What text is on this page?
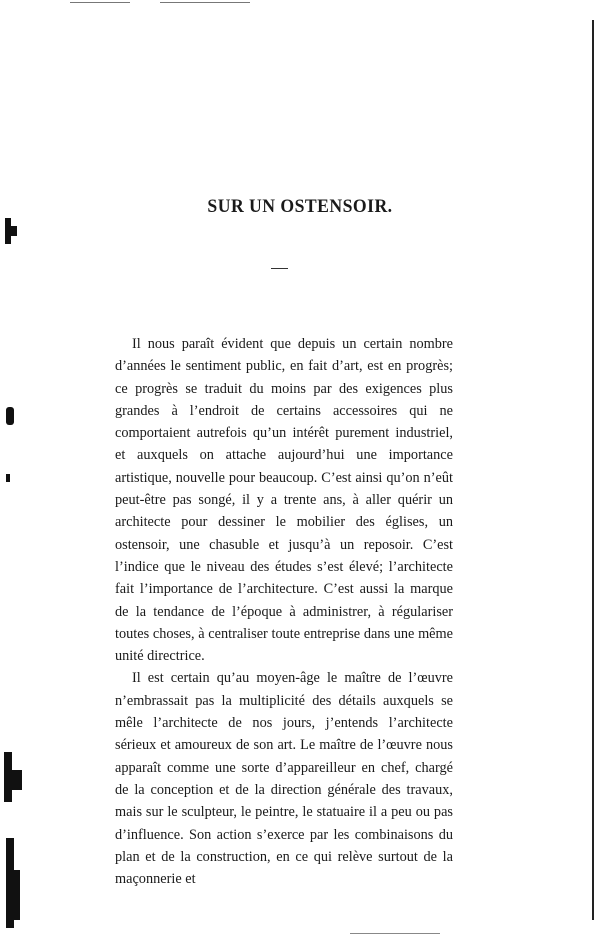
SUR UN OSTENSOIR.

Il nous paraît évident que depuis un certain nombre d’années le sentiment public, en fait d’art, est en progrès; ce progrès se traduit du moins par des exigences plus grandes à l’endroit de certains accessoires qui ne comportaient autrefois qu’un intérêt purement industriel, et auxquels on attache aujourd’hui une importance artistique, nouvelle pour beaucoup. C’est ainsi qu’on n’eût peut-être pas songé, il y a trente ans, à aller quérir un architecte pour dessiner le mobilier des églises, un ostensoir, une chasuble et jusqu’à un reposoir. C’est l’indice que le niveau des études s’est élevé; l’architecte fait l’importance de l’architecture. C’est aussi la marque de la tendance de l’époque à administrer, à régulariser toutes choses, à centraliser toute entreprise dans une même unité directrice.

Il est certain qu’au moyen-âge le maître de l’œuvre n’embrassait pas la multiplicité des détails auxquels se mêle l’architecte de nos jours, j’entends l’architecte sérieux et amoureux de son art. Le maître de l’œuvre nous apparaît comme une sorte d’appareilleur en chef, chargé de la conception et de la direction générale des travaux, mais sur le sculpteur, le peintre, le statuaire il a peu ou pas d’influence. Son action s’exerce par les combinaisons du plan et de la construction, en ce qui relève surtout de la maçonnerie et
